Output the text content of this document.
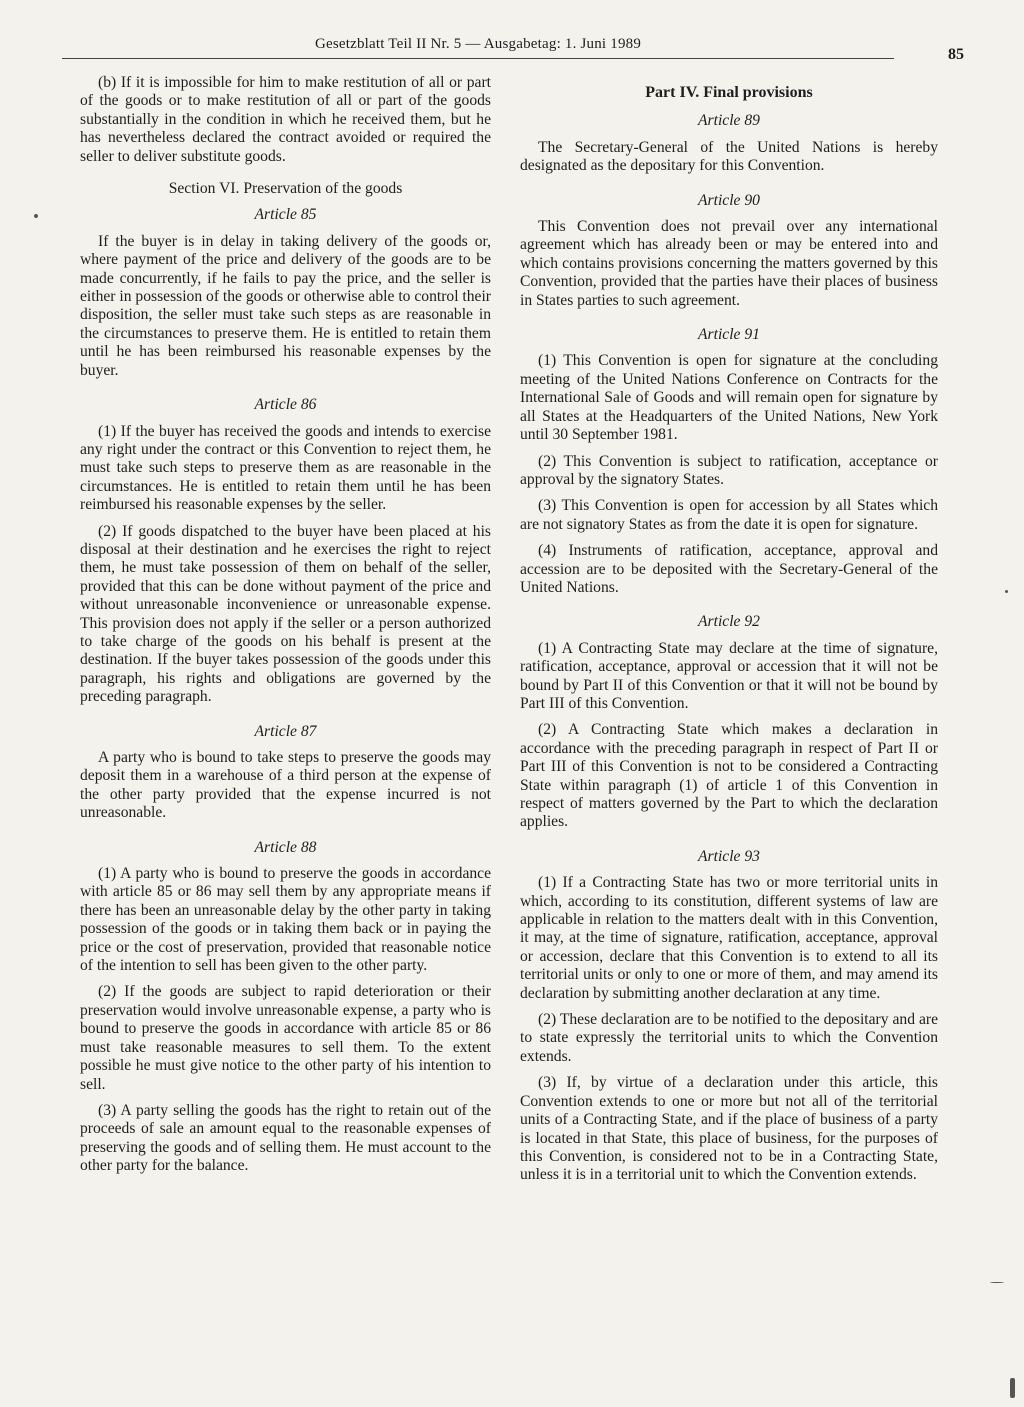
Gesetzblatt Teil II Nr. 5 — Ausgabetag: 1. Juni 1989
85

(b) If it is impossible for him to make restitution of all or part of the goods or to make restitution of all or part of the goods substantially in the condition in which he received them, but he has nevertheless declared the contract avoided or required the seller to deliver substitute goods.

Section VI. Preservation of the goods
Article 85

If the buyer is in delay in taking delivery of the goods or, where payment of the price and delivery of the goods are to be made concurrently, if he fails to pay the price, and the seller is either in possession of the goods or otherwise able to control their disposition, the seller must take such steps as are reasonable in the circumstances to preserve them. He is entitled to retain them until he has been reimbursed his reasonable expenses by the buyer.

Article 86

(1) If the buyer has received the goods and intends to exercise any right under the contract or this Convention to reject them, he must take such steps to preserve them as are reasonable in the circumstances. He is entitled to retain them until he has been reimbursed his reasonable expenses by the seller.

(2) If goods dispatched to the buyer have been placed at his disposal at their destination and he exercises the right to reject them, he must take possession of them on behalf of the seller, provided that this can be done without payment of the price and without unreasonable inconvenience or unreasonable expense. This provision does not apply if the seller or a person authorized to take charge of the goods on his behalf is present at the destination. If the buyer takes possession of the goods under this paragraph, his rights and obligations are governed by the preceding paragraph.

Article 87

A party who is bound to take steps to preserve the goods may deposit them in a warehouse of a third person at the expense of the other party provided that the expense incurred is not unreasonable.

Article 88

(1) A party who is bound to preserve the goods in accordance with article 85 or 86 may sell them by any appropriate means if there has been an unreasonable delay by the other party in taking possession of the goods or in taking them back or in paying the price or the cost of preservation, provided that reasonable notice of the intention to sell has been given to the other party.

(2) If the goods are subject to rapid deterioration or their preservation would involve unreasonable expense, a party who is bound to preserve the goods in accordance with article 85 or 86 must take reasonable measures to sell them. To the extent possible he must give notice to the other party of his intention to sell.

(3) A party selling the goods has the right to retain out of the proceeds of sale an amount equal to the reasonable expenses of preserving the goods and of selling them. He must account to the other party for the balance.

Part IV. Final provisions
Article 89

The Secretary-General of the United Nations is hereby designated as the depositary for this Convention.

Article 90

This Convention does not prevail over any international agreement which has already been or may be entered into and which contains provisions concerning the matters governed by this Convention, provided that the parties have their places of business in States parties to such agreement.

Article 91

(1) This Convention is open for signature at the concluding meeting of the United Nations Conference on Contracts for the International Sale of Goods and will remain open for signature by all States at the Headquarters of the United Nations, New York until 30 September 1981.

(2) This Convention is subject to ratification, acceptance or approval by the signatory States.

(3) This Convention is open for accession by all States which are not signatory States as from the date it is open for signature.

(4) Instruments of ratification, acceptance, approval and accession are to be deposited with the Secretary-General of the United Nations.

Article 92

(1) A Contracting State may declare at the time of signature, ratification, acceptance, approval or accession that it will not be bound by Part II of this Convention or that it will not be bound by Part III of this Convention.

(2) A Contracting State which makes a declaration in accordance with the preceding paragraph in respect of Part II or Part III of this Convention is not to be considered a Contracting State within paragraph (1) of article 1 of this Convention in respect of matters governed by the Part to which the declaration applies.

Article 93

(1) If a Contracting State has two or more territorial units in which, according to its constitution, different systems of law are applicable in relation to the matters dealt with in this Convention, it may, at the time of signature, ratification, acceptance, approval or accession, declare that this Convention is to extend to all its territorial units or only to one or more of them, and may amend its declaration by submitting another declaration at any time.

(2) These declaration are to be notified to the depositary and are to state expressly the territorial units to which the Convention extends.

(3) If, by virtue of a declaration under this article, this Convention extends to one or more but not all of the territorial units of a Contracting State, and if the place of business of a party is located in that State, this place of business, for the purposes of this Convention, is considered not to be in a Contracting State, unless it is in a territorial unit to which the Convention extends.
